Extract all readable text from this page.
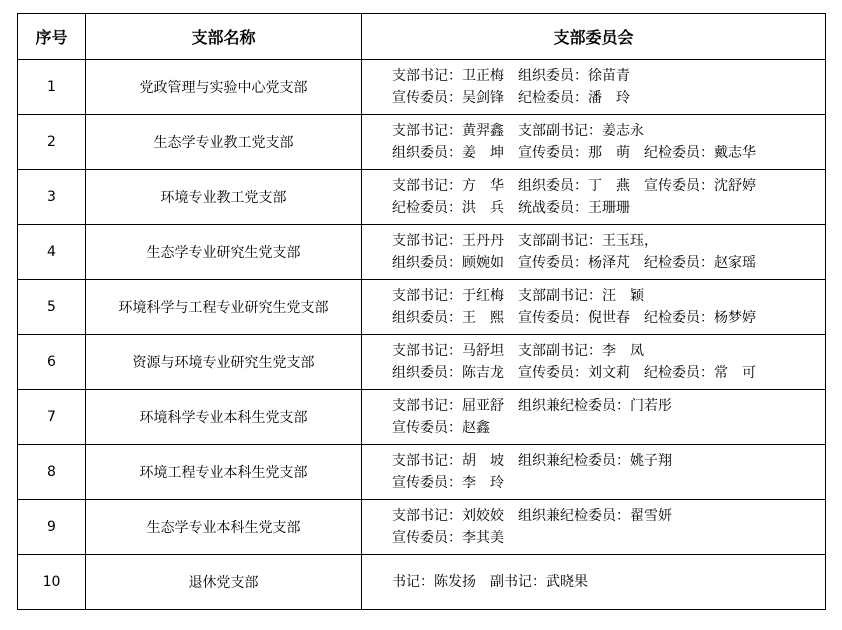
序号	支部名称	支部委员会
1	党政管理与实验中心党支部	支部书记：卫正梅　组织委员：徐苗青
宣传委员：吴剑锋　纪检委员：潘　玲

2	生态学专业教工党支部	支部书记：黄羿鑫　支部副书记：姜志永
组织委员：姜　坤　宣传委员：那　萌　纪检委员：戴志华

3	环境专业教工党支部	支部书记：方　华　组织委员：丁　燕　宣传委员：沈舒婷
纪检委员：洪　兵　统战委员：王珊珊

4	生态学专业研究生党支部	支部书记：王丹丹　支部副书记：王玉珏，
组织委员：顾婉如　宣传委员：杨泽芃　纪检委员：赵家瑶

5	环境科学与工程专业研究生党支部	支部书记：于红梅　支部副书记：汪　颖
组织委员：王　熙　宣传委员：倪世春　纪检委员：杨梦婷

6	资源与环境专业研究生党支部	支部书记：马舒坦　支部副书记：李　凤
组织委员：陈吉龙　宣传委员：刘文莉　纪检委员：常　可

7	环境科学专业本科生党支部	支部书记：屈亚舒　组织兼纪检委员：门若彤
宣传委员：赵鑫

8	环境工程专业本科生党支部	支部书记：胡　坡　组织兼纪检委员：姚子翔
宣传委员：李　玲

9	生态学专业本科生党支部	支部书记：刘姣姣　组织兼纪检委员：翟雪妍
宣传委员：李其美

10	退休党支部	书记：陈发扬　副书记：武晓果
